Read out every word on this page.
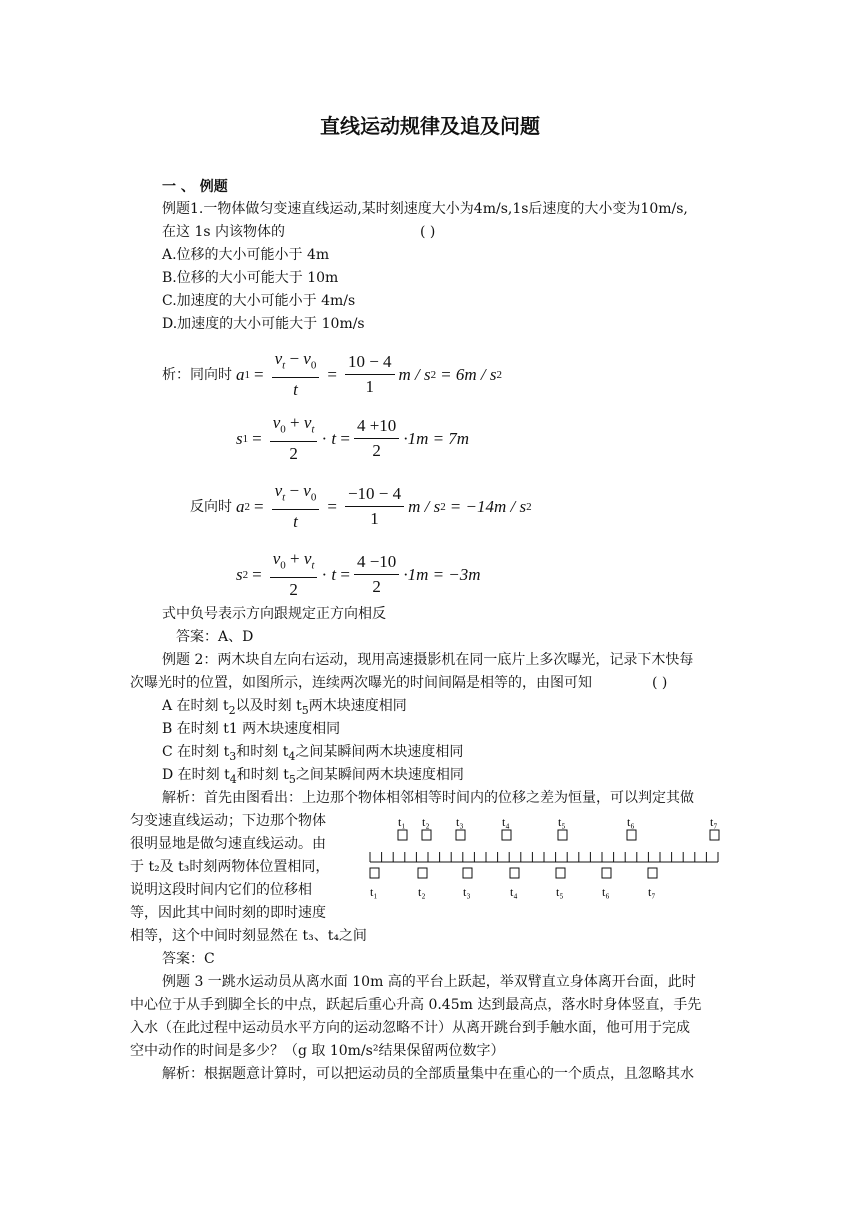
直线运动规律及追及问题
一 、 例题
例题1.一物体做匀变速直线运动,某时刻速度大小为4m/s,1s后速度的大小变为10m/s,
在这 1s 内该物体的	( )
A.位移的大小可能小于 4m
B.位移的大小可能大于 10m
C.加速度的大小可能小于 4m/s
D.加速度的大小可能大于 10m/s
析：同向时 a $1 = \frac{v_t - v_0}{t} = \frac{10 - 4}{1}$ m / s 2 = 6m / s 2
s $1 = \frac{v_0 + v_t}{2} \cdot t = \frac{4 +10}{2} \cdot 1m = 7m$
反向时 a $2 = \frac{v_t - v_0}{t} = \frac{-10 - 4}{1}$ m / s 2 = −14m / s 2
s $2 = \frac{v_0 + v_t}{2} \cdot t = \frac{4 -10}{2} \cdot 1m = -3m$
式中负号表示方向跟规定正方向相反
答案：A、D
例题 2：两木块自左向右运动，现用高速摄影机在同一底片上多次曝光，记录下木快每
次曝光时的位置，如图所示，连续两次曝光的时间间隔是相等的，由图可知	( )
A 在时刻 $t_2$以及时刻 $t_5$两木块速度相同
B 在时刻 t1 两木块速度相同
C 在时刻 $t_3$和时刻 $t_4$之间某瞬间两木块速度相同
D 在时刻 $t_4$和时刻 $t_5$之间某瞬间两木块速度相同
解析：首先由图看出：上边那个物体相邻相等时间内的位移之差为恒量，可以判定其做
匀变速直线运动；下边那个物体
很明显地是做匀速直线运动。由
于 t₂及 t₃时刻两物体位置相同，
说明这段时间内它们的位移相
等，因此其中间时刻的即时速度
相等，这个中间时刻显然在 t₃、t₄之间
答案：C
t₁ t₂ t₃	t₄	t₅	t₆	t₇
t₁	t₂	t₃	t₄	t₅	t₆	t₇
例题 3 一跳水运动员从离水面 10m 高的平台上跃起，举双臂直立身体离开台面，此时
中心位于从手到脚全长的中点，跃起后重心升高 0.45m 达到最高点，落水时身体竖直，手先
入水（在此过程中运动员水平方向的运动忽略不计）从离开跳台到手触水面，他可用于完成
空中动作的时间是多少？（g 取 10m/s²结果保留两位数字）
解析：根据题意计算时，可以把运动员的全部质量集中在重心的一个质点，且忽略其水
